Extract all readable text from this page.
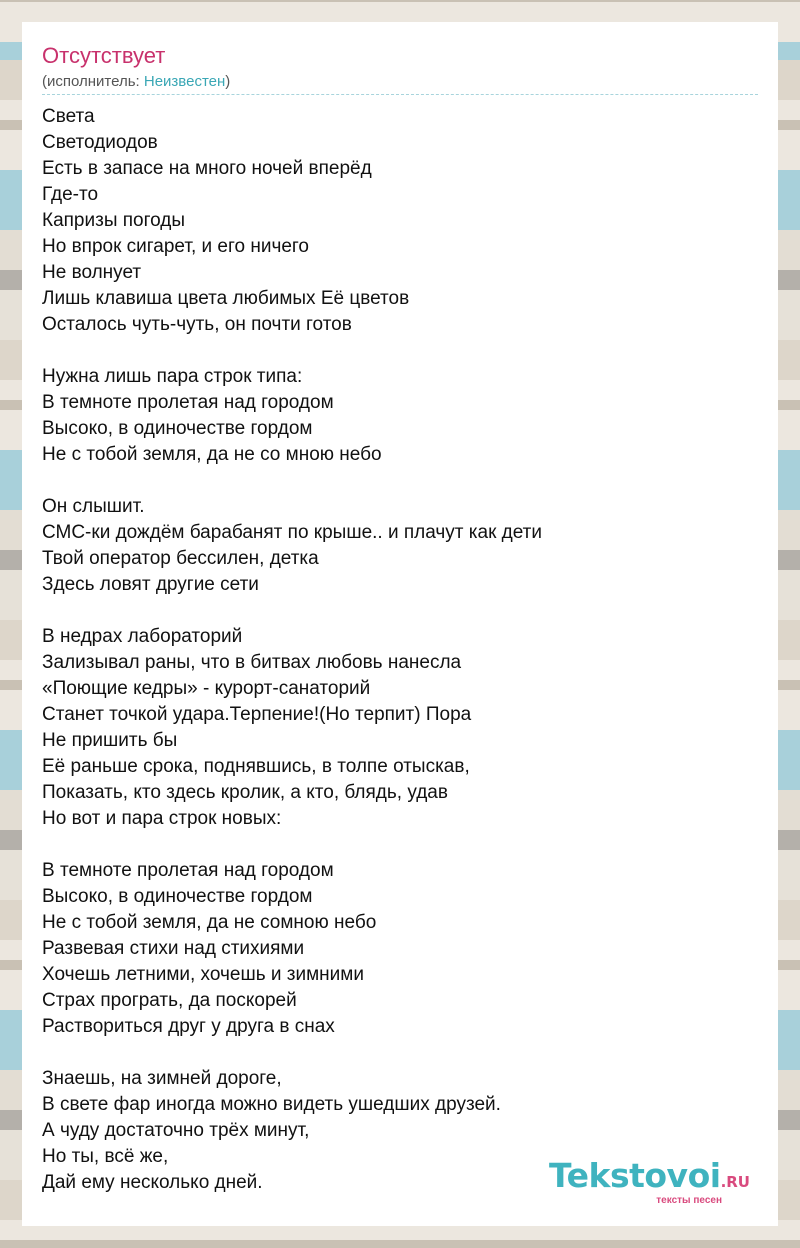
Отсутствует
(исполнитель: Неизвестен)
Света
Светодиодов
Есть в запасе на много ночей вперёд
Где-то
Капризы погоды
Но впрок сигарет, и его ничего
Не волнует
Лишь клавиша цвета любимых Её цветов
Осталось чуть-чуть, он почти готов
Нужна лишь пара строк типа:
В темноте пролетая над городом
Высоко, в одиночестве гордом
Не с тобой земля, да не со мною небо
Он слышит.
СМС-ки дождём барабанят по крыше.. и плачут как дети
Твой оператор бессилен, детка
Здесь ловят другие сети
В недрах лабораторий
Зализывал раны, что в битвах любовь нанесла
«Поющие кедры» - курорт-санаторий
Станет точкой удара.Терпение!(Но терпит) Пора
Не пришить бы
Её раньше срока, поднявшись, в толпе отыскав,
Показать, кто здесь кролик, а кто, блядь, удав
Но вот и пара строк новых:
В темноте пролетая над городом
Высоко, в одиночестве гордом
Не с тобой земля, да не сомною небо
Развевая стихи над стихиями
Хочешь летними, хочешь и зимними
Страх програть, да поскорей
Раствориться друг у друга в снах
Знаешь, на зимней дороге,
В свете фар иногда можно видеть ушедших друзей.
А чуду достаточно трёх минут,
Но ты, всё же,
Дай ему несколько дней.	Tekstovoi.RU
тексты песен
